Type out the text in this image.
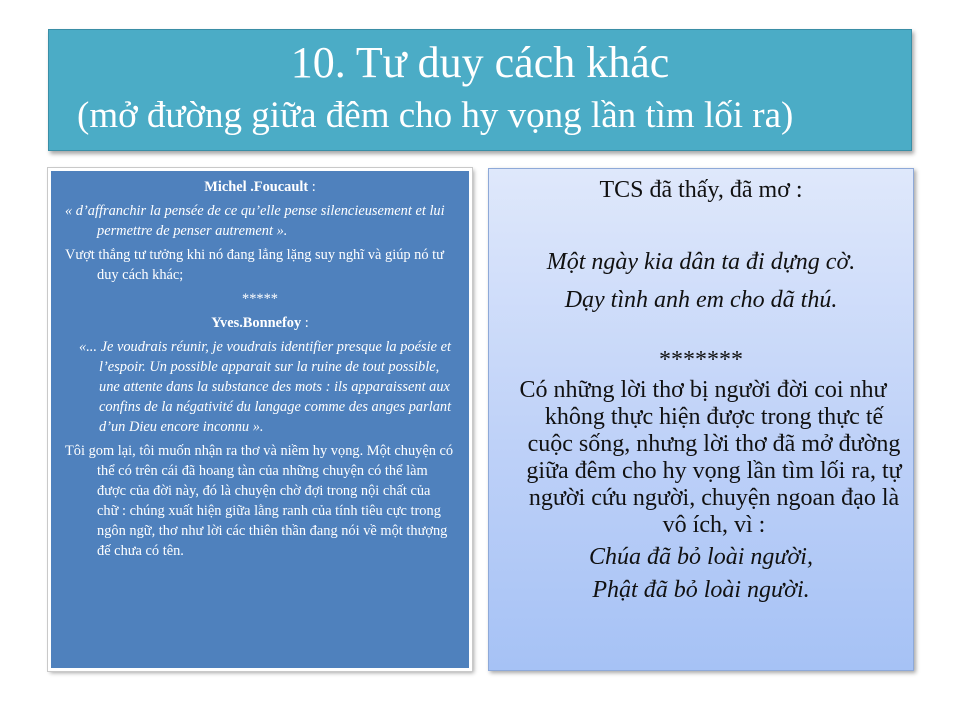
10. Tư duy cách khác
(mở đường giữa đêm cho hy vọng lần tìm lối ra)

Michel .Foucault :

« d’affranchir la pensée de ce qu’elle pense silencieusement et lui permettre de penser autrement ».

Vượt thắng tư tưởng khi nó đang lẳng lặng suy nghĩ và giúp nó tư duy cách khác;

*****

Yves.Bonnefoy :

«... Je voudrais réunir, je voudrais identifier presque la poésie et l’espoir. Un possible apparait sur la ruine de tout possible, une attente dans la substance des mots : ils apparaissent aux confins de la négativité du langage comme des anges parlant d’un Dieu encore inconnu ».

Tôi gom lại, tôi muốn nhận ra thơ và niềm hy vọng. Một chuyện có thể có trên cái đã hoang tàn của những chuyện có thể làm được của đời này, đó là chuyện chờ đợi trong nội chất của chữ : chúng xuất hiện giữa lằng ranh của tính tiêu cực trong ngôn ngữ, thơ như lời các thiên thần đang nói về một thượng đế chưa có tên.

TCS đã thấy, đã mơ :

Một ngày kia dân ta đi dựng cờ.

Dạy tình anh em cho dã thú.

*******

Có những lời thơ bị người đời coi như không thực hiện được trong thực tế cuộc sống, nhưng lời thơ đã mở đường giữa đêm cho hy vọng lần tìm lối ra, tự người cứu người, chuyện ngoan đạo là vô ích, vì :

Chúa đã bỏ loài người,

Phật đã bỏ loài người.
